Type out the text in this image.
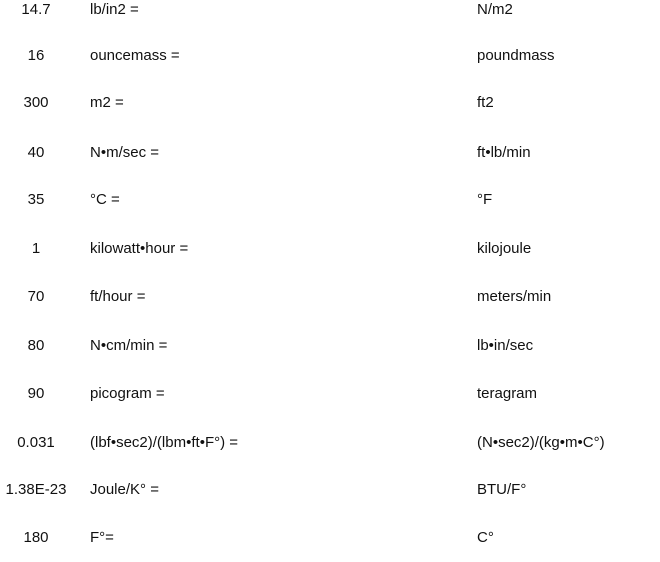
14.7	lb/in2 =	N/m2
16	ouncemass =	poundmass
300	m2 =	ft2
40	N•m/sec =	ft•lb/min
35	°C =	°F
1	kilowatt•hour =	kilojoule
70	ft/hour =	meters/min
80	N•cm/min =	lb•in/sec
90	picogram =	teragram
0.031	(lbf•sec2)/(lbm•ft•F°) =	(N•sec2)/(kg•m•C°)
1.38E-23	Joule/K° =	BTU/F°
180	F°=	C°
